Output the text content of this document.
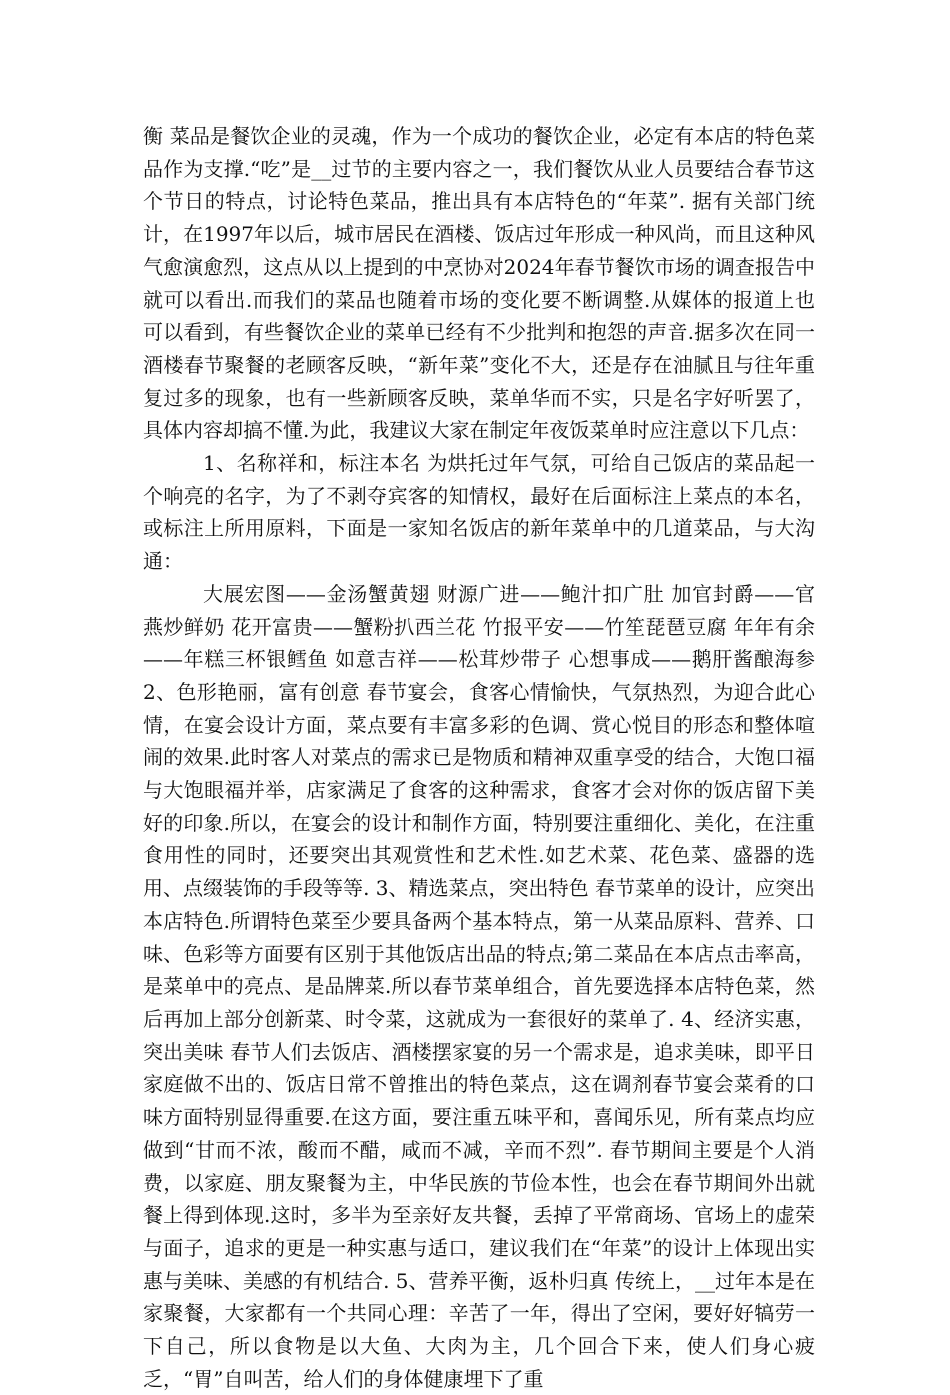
衡 菜品是餐饮企业的灵魂，作为一个成功的餐饮企业，必定有本店的特色菜品作为支撑.“吃”是__过节的主要内容之一，我们餐饮从业人员要结合春节这个节日的特点，讨论特色菜品，推出具有本店特色的“年菜”. 据有关部门统计，在1997年以后，城市居民在酒楼、饭店过年形成一种风尚，而且这种风气愈演愈烈，这点从以上提到的中烹协对2024年春节餐饮市场的调查报告中就可以看出.而我们的菜品也随着市场的变化要不断调整.从媒体的报道上也可以看到，有些餐饮企业的菜单已经有不少批判和抱怨的声音.据多次在同一酒楼春节聚餐的老顾客反映，“新年菜”变化不大，还是存在油腻且与往年重复过多的现象，也有一些新顾客反映，菜单华而不实，只是名字好听罢了，具体内容却搞不懂.为此，我建议大家在制定年夜饭菜单时应注意以下几点：

1、名称祥和，标注本名 为烘托过年气氛，可给自己饭店的菜品起一个响亮的名字，为了不剥夺宾客的知情权，最好在后面标注上菜点的本名，或标注上所用原料，下面是一家知名饭店的新年菜单中的几道菜品，与大沟通：

大展宏图——金汤蟹黄翅 财源广进——鲍汁扣广肚 加官封爵——官燕炒鲜奶 花开富贵——蟹粉扒西兰花 竹报平安——竹笙琵琶豆腐 年年有余——年糕三杯银鳕鱼 如意吉祥——松茸炒带子 心想事成——鹅肝酱酿海参 2、色形艳丽，富有创意 春节宴会，食客心情愉快，气氛热烈，为迎合此心情，在宴会设计方面，菜点要有丰富多彩的色调、赏心悦目的形态和整体喧闹的效果.此时客人对菜点的需求已是物质和精神双重享受的结合，大饱口福与大饱眼福并举，店家满足了食客的这种需求，食客才会对你的饭店留下美好的印象.所以，在宴会的设计和制作方面，特别要注重细化、美化，在注重食用性的同时，还要突出其观赏性和艺术性.如艺术菜、花色菜、盛器的选用、点缀装饰的手段等等. 3、精选菜点，突出特色 春节菜单的设计，应突出本店特色.所谓特色菜至少要具备两个基本特点，第一从菜品原料、营养、口味、色彩等方面要有区别于其他饭店出品的特点;第二菜品在本店点击率高，是菜单中的亮点、是品牌菜.所以春节菜单组合，首先要选择本店特色菜，然后再加上部分创新菜、时令菜，这就成为一套很好的菜单了. 4、经济实惠，突出美味 春节人们去饭店、酒楼摆家宴的另一个需求是，追求美味，即平日家庭做不出的、饭店日常不曾推出的特色菜点，这在调剂春节宴会菜肴的口味方面特别显得重要.在这方面，要注重五味平和，喜闻乐见，所有菜点均应做到“甘而不浓，酸而不醋，咸而不减，辛而不烈”. 春节期间主要是个人消费，以家庭、朋友聚餐为主，中华民族的节俭本性，也会在春节期间外出就餐上得到体现.这时，多半为至亲好友共餐，丢掉了平常商场、官场上的虚荣与面子，追求的更是一种实惠与适口，建议我们在“年菜”的设计上体现出实惠与美味、美感的有机结合. 5、营养平衡，返朴归真 传统上，__过年本是在家聚餐，大家都有一个共同心理：辛苦了一年，得出了空闲，要好好犒劳一下自己，所以食物是以大鱼、大肉为主，几个回合下来，使人们身心疲乏，“胃”自叫苦，给人们的身体健康埋下了重
